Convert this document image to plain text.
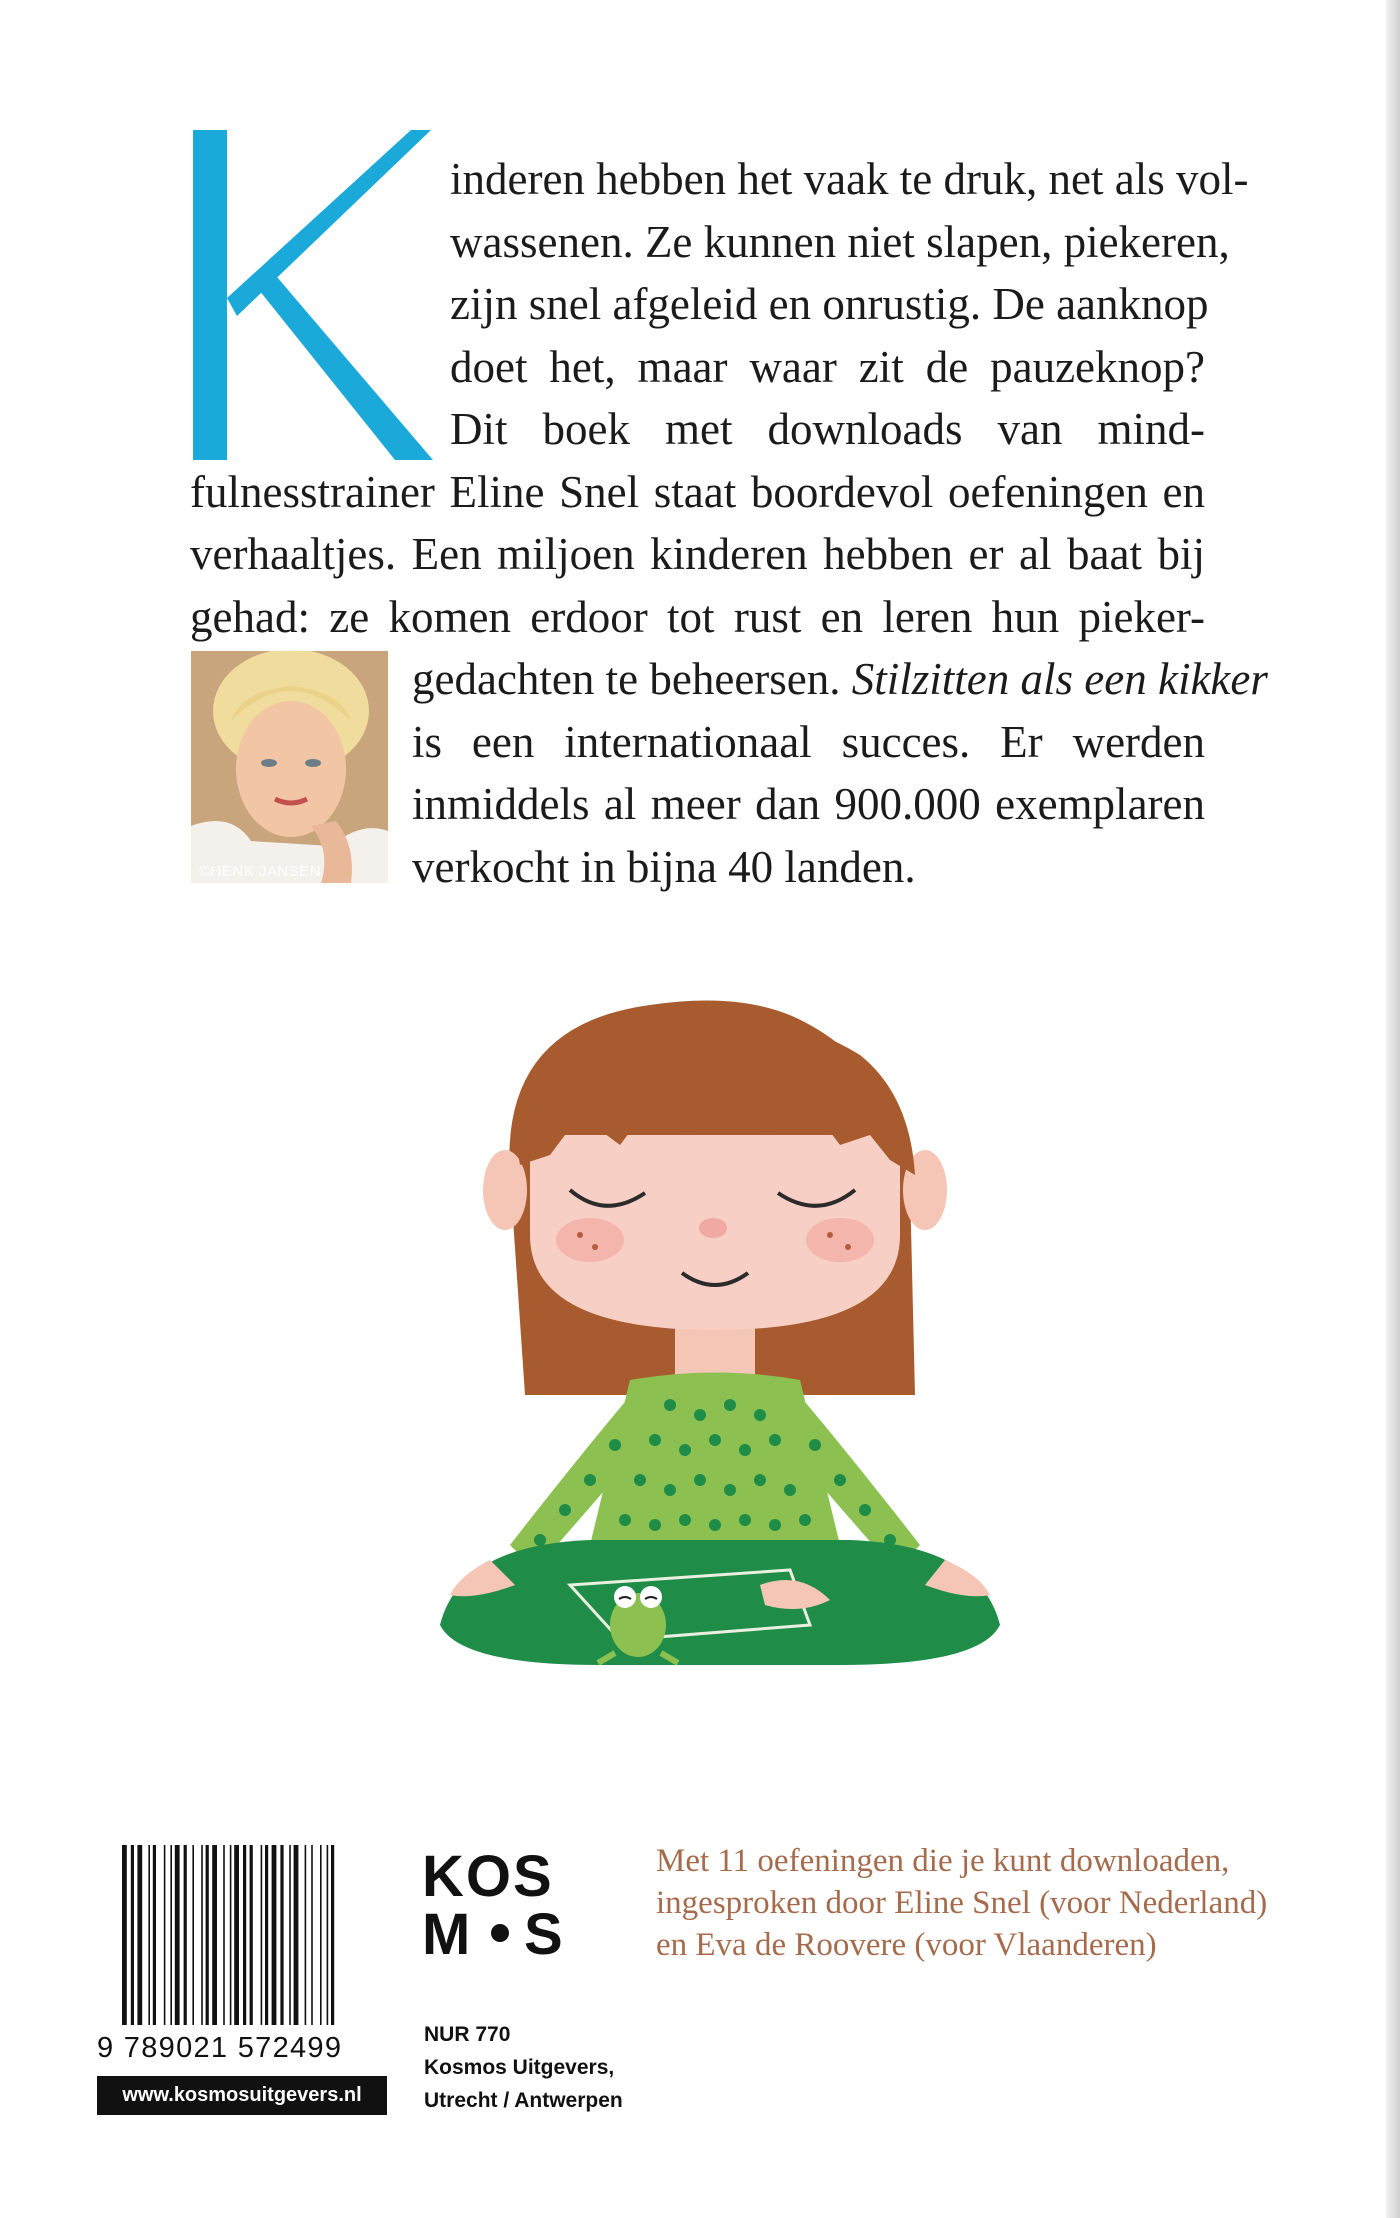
K
inderen hebben het vaak te druk, net als vol-
wassenen. Ze kunnen niet slapen, piekeren,
zijn snel afgeleid en onrustig. De aanknop
doet het, maar waar zit de pauzeknop?
Dit boek met downloads van mind-
fulnesstrainer Eline Snel staat boordevol oefeningen en
verhaaltjes. Een miljoen kinderen hebben er al baat bij
gehad: ze komen erdoor tot rust en leren hun pieker-
gedachten te beheersen. Stilzitten als een kikker
is een internationaal succes. Er werden
inmiddels al meer dan 900.000 exemplaren
verkocht in bijna 40 landen.
©HENK JANSEN
9 789021 572499
www.kosmosuitgevers.nl
KOS
M S
NUR 770
Kosmos Uitgevers,
Utrecht / Antwerpen
Met 11 oefeningen die je kunt downloaden,
ingesproken door Eline Snel (voor Nederland)
en Eva de Roovere (voor Vlaanderen)
